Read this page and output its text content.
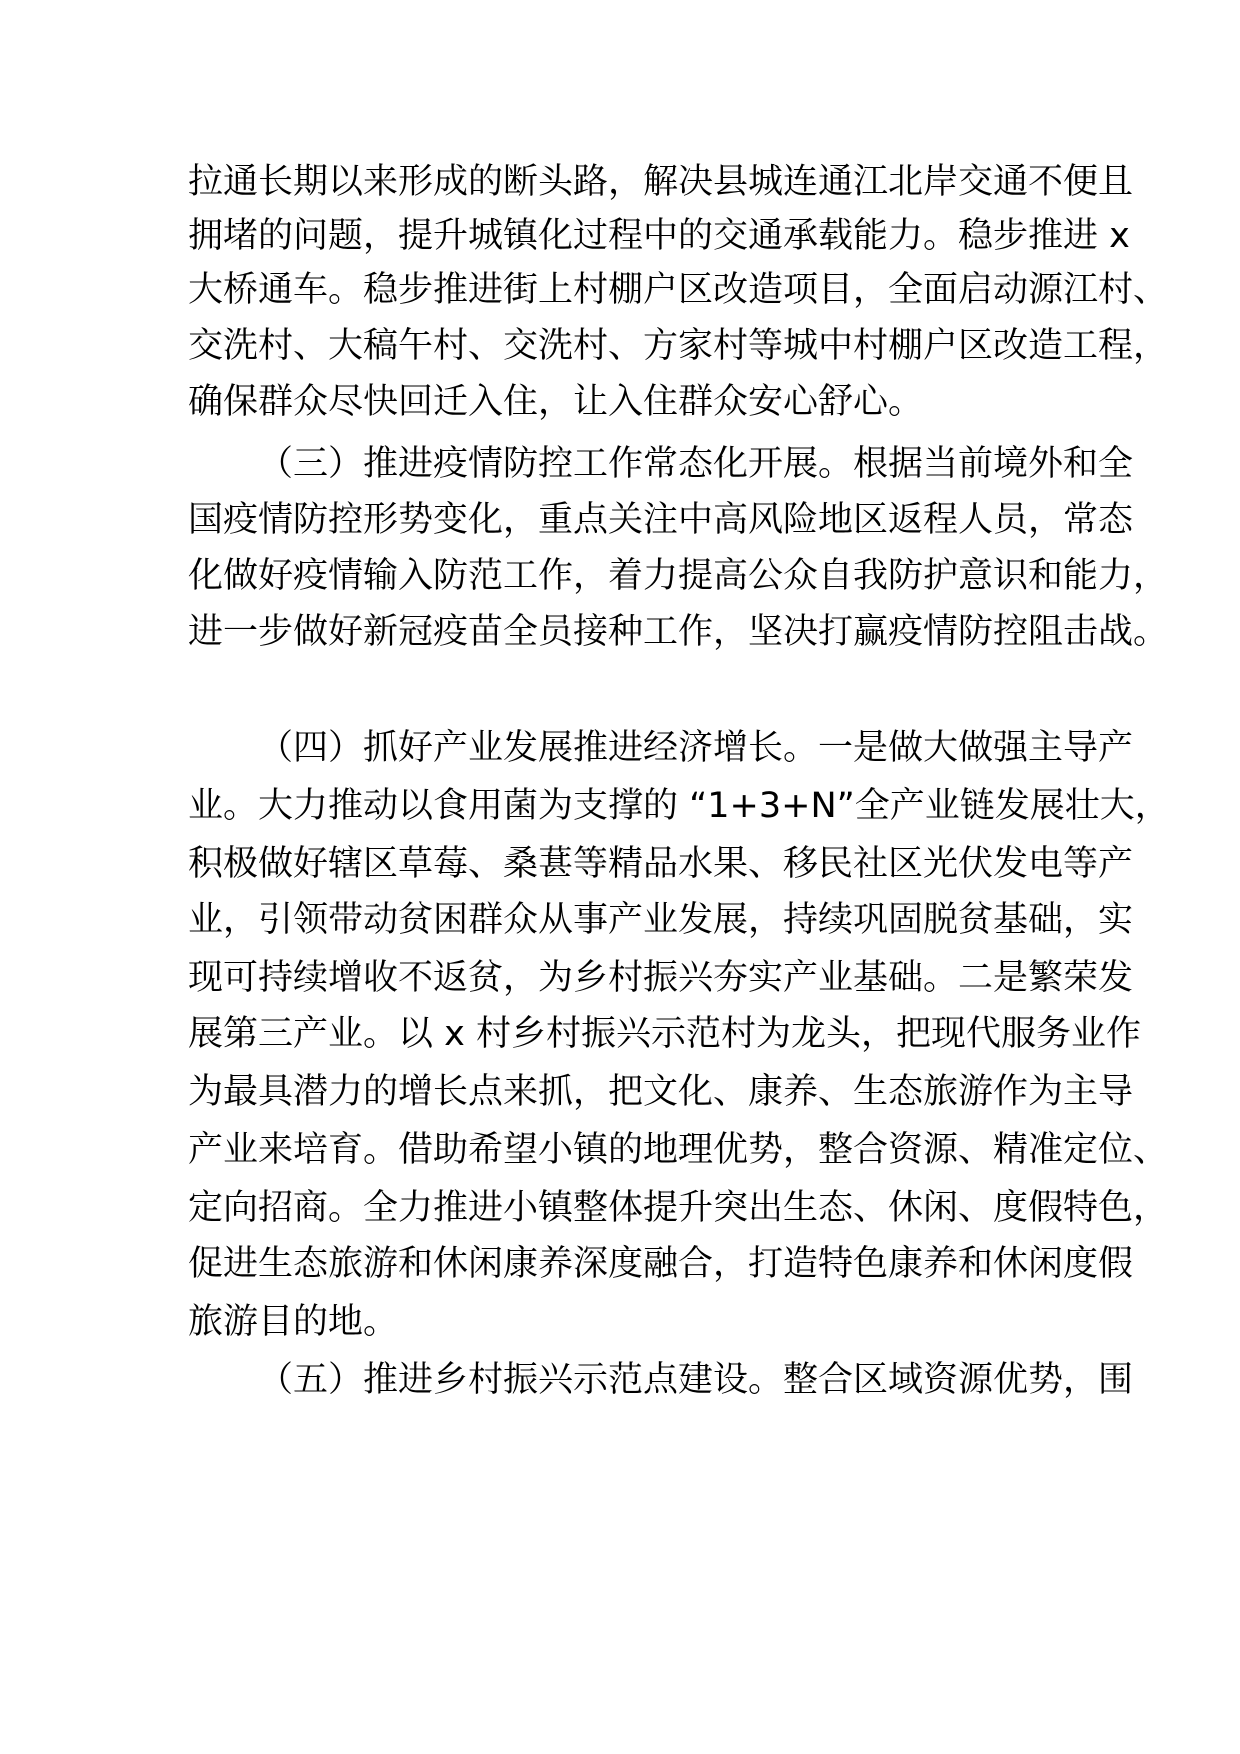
拉通长期以来形成的断头路，解决县城连通江北岸交通不便且
拥堵的问题，提升城镇化过程中的交通承载能力。稳步推进 x
大桥通车。稳步推进街上村棚户区改造项目，全面启动源江村、
交洗村、大稿午村、交洗村、方家村等城中村棚户区改造工程，
确保群众尽快回迁入住，让入住群众安心舒心。
（三）推进疫情防控工作常态化开展。根据当前境外和全
国疫情防控形势变化，重点关注中高风险地区返程人员，常态
化做好疫情输入防范工作，着力提高公众自我防护意识和能力，
进一步做好新冠疫苗全员接种工作，坚决打赢疫情防控阻击战。
（四）抓好产业发展推进经济增长。一是做大做强主导产
业。大力推动以食用菌为支撑的 “1+3+N”全产业链发展壮大，
积极做好辖区草莓、桑葚等精品水果、移民社区光伏发电等产
业，引领带动贫困群众从事产业发展，持续巩固脱贫基础，实
现可持续增收不返贫，为乡村振兴夯实产业基础。二是繁荣发
展第三产业。以 x 村乡村振兴示范村为龙头，把现代服务业作
为最具潜力的增长点来抓，把文化、康养、生态旅游作为主导
产业来培育。借助希望小镇的地理优势，整合资源、精准定位、
定向招商。全力推进小镇整体提升突出生态、休闲、度假特色，
促进生态旅游和休闲康养深度融合，打造特色康养和休闲度假
旅游目的地。
（五）推进乡村振兴示范点建设。整合区域资源优势，围
